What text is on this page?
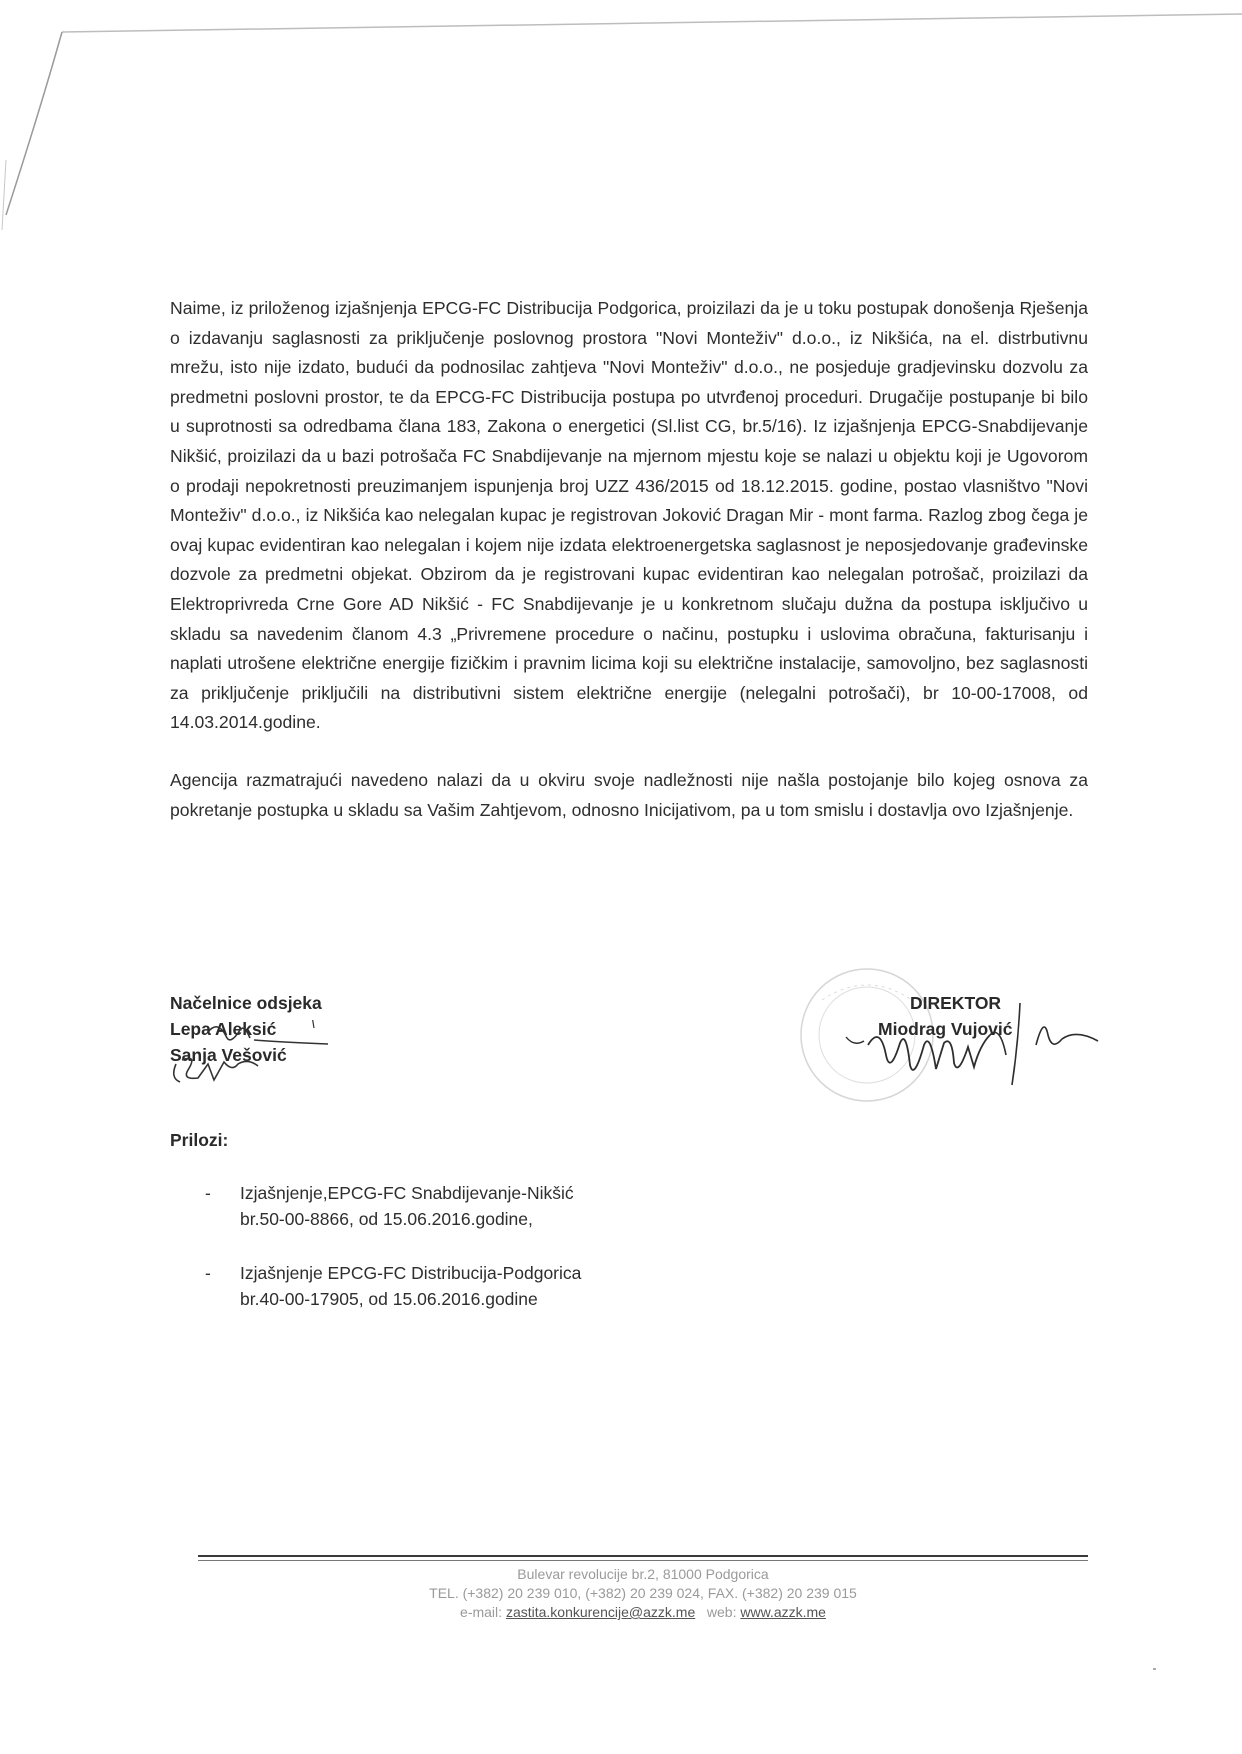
Naime, iz priloženog izjašnjenja EPCG-FC Distribucija Podgorica, proizilazi da je u toku postupak donošenja Rješenja o izdavanju saglasnosti za priključenje poslovnog prostora "Novi Monteživ" d.o.o., iz Nikšića, na el. distrbutivnu mrežu, isto nije izdato, budući da podnosilac zahtjeva "Novi Monteživ" d.o.o., ne posjeduje gradjevinsku dozvolu za predmetni poslovni prostor, te da EPCG-FC Distribucija postupa po utvrđenoj proceduri. Drugačije postupanje bi bilo u suprotnosti sa odredbama člana 183, Zakona o energetici (Sl.list CG, br.5/16). Iz izjašnjenja EPCG-Snabdijevanje Nikšić, proizilazi da u bazi potrošača FC Snabdijevanje na mjernom mjestu koje se nalazi u objektu koji je Ugovorom o prodaji nepokretnosti preuzimanjem ispunjenja broj UZZ 436/2015 od 18.12.2015. godine, postao vlasništvo "Novi Monteživ" d.o.o., iz Nikšića kao nelegalan kupac je registrovan Joković Dragan Mir - mont farma. Razlog zbog čega je ovaj kupac evidentiran kao nelegalan i kojem nije izdata elektroenergetska saglasnost je neposjedovanje građevinske dozvole za predmetni objekat. Obzirom da je registrovani kupac evidentiran kao nelegalan potrošač, proizilazi da Elektroprivreda Crne Gore AD Nikšić - FC Snabdijevanje je u konkretnom slučaju dužna da postupa isključivo u skladu sa navedenim članom 4.3 „Privremene procedure o načinu, postupku i uslovima obračuna, fakturisanju i naplati utrošene električne energije fizičkim i pravnim licima koji su električne instalacije, samovoljno, bez saglasnosti za priključenje priključili na distributivni sistem električne energije (nelegalni potrošači), br 10-00-17008, od 14.03.2014.godine.

Agencija razmatrajući navedeno nalazi da u okviru svoje nadležnosti nije našla postojanje bilo kojeg osnova za pokretanje postupka u skladu sa Vašim Zahtjevom, odnosno Inicijativom, pa u tom smislu i dostavlja ovo Izjašnjenje.

Načelnice odsjeka
Lepa Aleksić
Sanja Vešović
DIREKTOR
Miodrag Vujović
Prilozi:
- Izjašnjenje,EPCG-FC Snabdijevanje-Nikšić
br.50-00-8866, od 15.06.2016.godine,
- Izjašnjenje EPCG-FC Distribucija-Podgorica
br.40-00-17905, od 15.06.2016.godine
Bulevar revolucije br.2, 81000 Podgorica
TEL. (+382) 20 239 010, (+382) 20 239 024, FAX. (+382) 20 239 015
e-mail: zastita.konkurencije@azzk.me web: www.azzk.me
